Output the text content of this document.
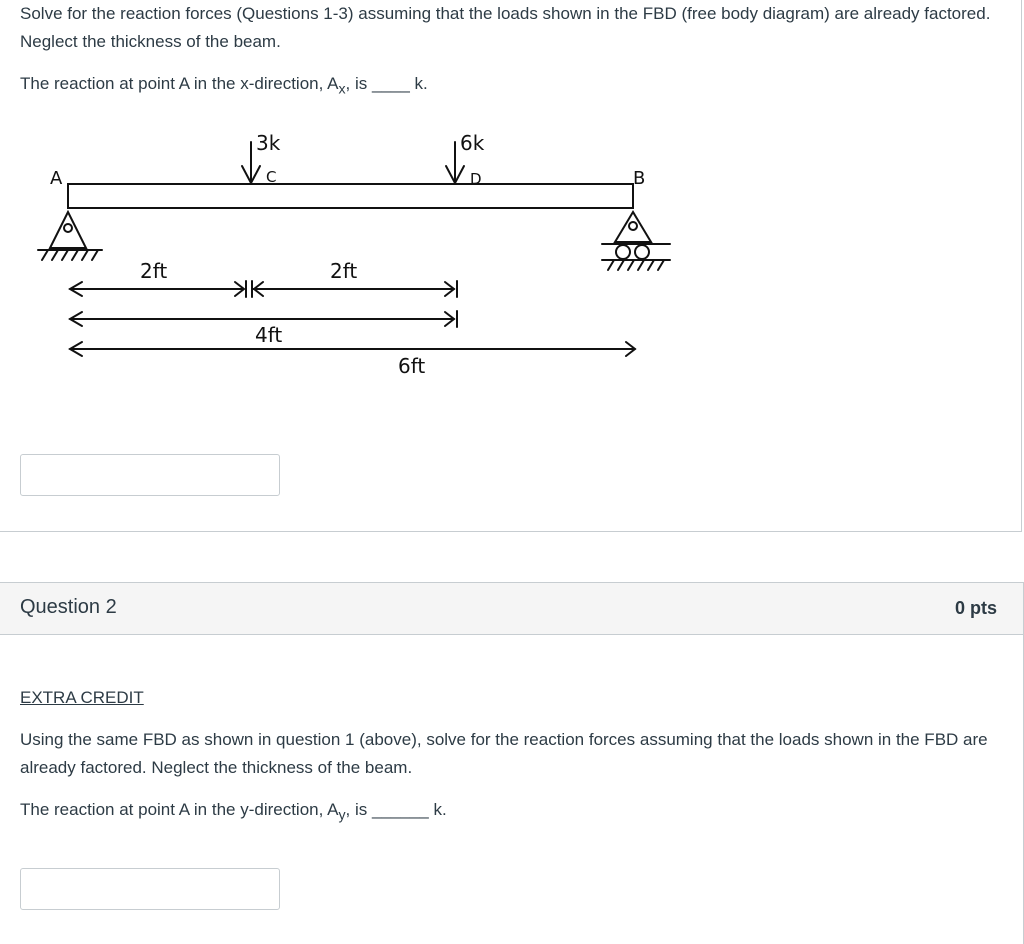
Solve for the reaction forces (Questions 1-3) assuming that the loads shown in the FBD (free body diagram) are already factored. Neglect the thickness of the beam.
The reaction at point A in the x-direction, $A_x$, is ____ k.
A	B
3k
C
6k
D
2ft	2ft
4ft
6ft
Question 2	0 pts
EXTRA CREDIT
Using the same FBD as shown in question 1 (above), solve for the reaction forces assuming that the loads shown in the FBD are already factored. Neglect the thickness of the beam.
The reaction at point A in the y-direction, $A_y$, is ______ k.
